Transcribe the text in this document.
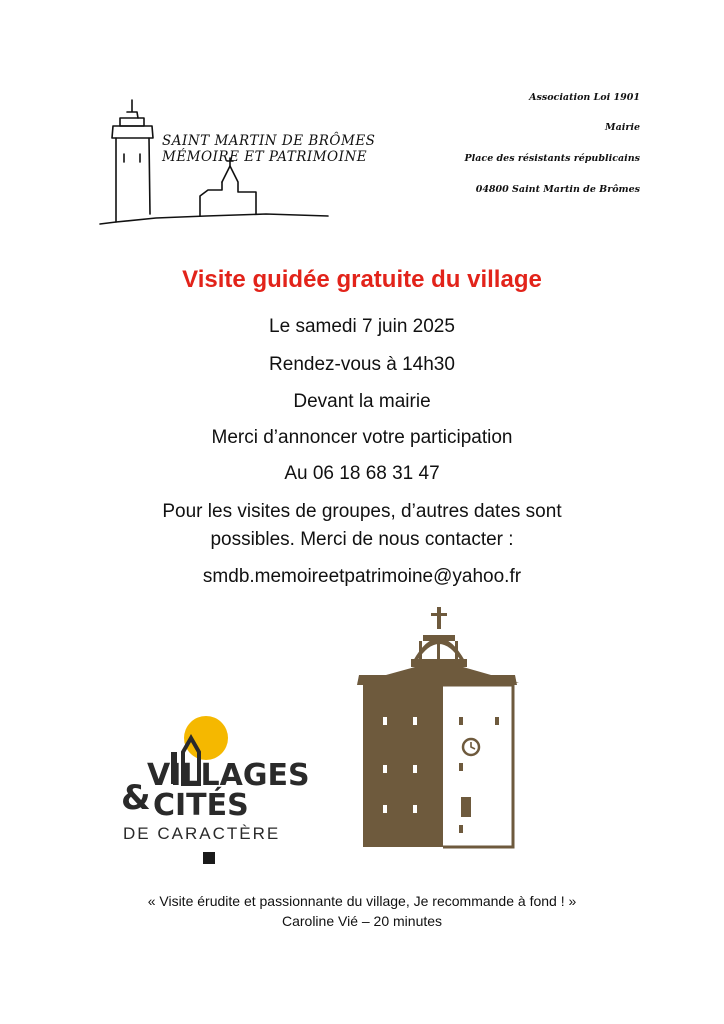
SAINT MARTIN DE BRÔMES
MÉMOIRE ET PATRIMOINE
Association Loi 1901
Mairie
Place des résistants républicains
04800 Saint Martin de Brômes
Visite guidée gratuite du village
Le samedi 7 juin 2025
Rendez-vous à 14h30
Devant la mairie
Merci d’annoncer votre participation
Au 06 18 68 31 47
Pour les visites de groupes, d’autres dates sont
possibles. Merci de nous contacter :
smdb.memoireetpatrimoine@yahoo.fr
VILLAGES
& CITÉS
DE CARACTÈRE
« Visite érudite et passionnante du village, Je recommande à fond ! »
Caroline Vié – 20 minutes
